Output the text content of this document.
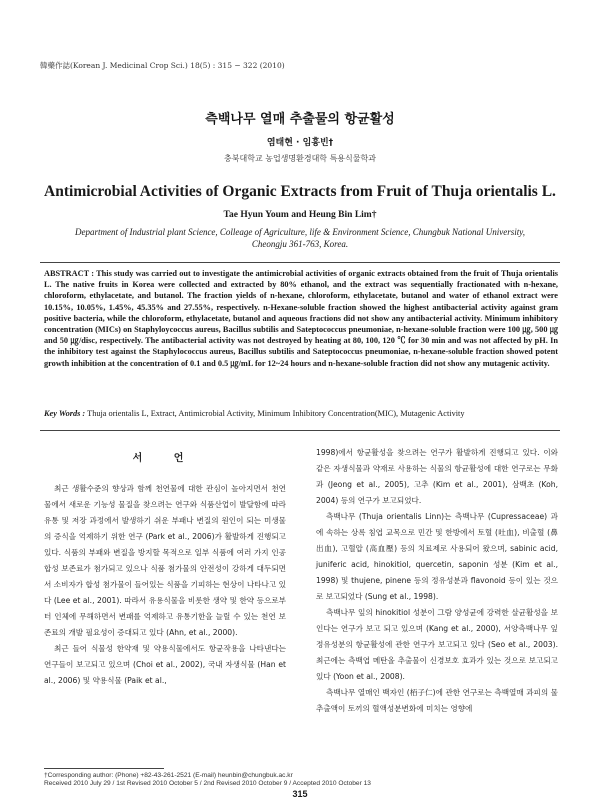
韓藥作誌(Korean J. Medicinal Crop Sci.) 18(5) : 315 − 322 (2010)
측백나무 열매 추출물의 항균활성
염태현 · 임흥빈†
충북대학교 농업생명환경대학 특용식물학과
Antimicrobial Activities of Organic Extracts from Fruit of Thuja orientalis L.
Tae Hyun Youm and Heung Bin Lim†
Department of Industrial plant Science, Colleage of Agriculture, life & Environment Science, Chungbuk National University, Cheongju 361-763, Korea.
ABSTRACT : This study was carried out to investigate the antimicrobial activities of organic extracts obtained from the fruit of Thuja orientalis L. The native fruits in Korea were collected and extracted by 80% ethanol, and the extract was sequentially fractionated with n-hexane, chloroform, ethylacetate, and butanol. The fraction yields of n-hexane, chloroform, ethylacetate, butanol and water of ethanol extract were 10.15%, 10.05%, 1.45%, 45.35% and 27.55%, respectively. n-Hexane-soluble fraction showed the highest antibacterial activity against gram positive bacteria, while the chloroform, ethylacetate, butanol and aqueous fractions did not show any antibacterial activity. Minimum inhibitory concentration (MICs) on Staphyloycoccus aureus, Bacillus subtilis and Sateptococcus pneumoniae, n-hexane-soluble fraction were 100 ㎍, 500 ㎍ and 50 ㎍/disc, respectively. The antibacterial activity was not destroyed by heating at 80, 100, 120 ℃ for 30 min and was not affected by pH. In the inhibitory test against the Staphylococcus aureus, Bacillus subtilis and Sateptococcus pneumoniae, n-hexane-soluble fraction showed potent growth inhibition at the concentration of 0.1 and 0.5 ㎍/mL for 12~24 hours and n-hexane-soluble fraction did not show any mutagenic activity.
Key Words : Thuja orientalis L, Extract, Antimicrobial Activity, Minimum Inhibitory Concentration(MIC), Mutagenic Activity
서 언

최근 생활수준의 향상과 함께 천연물에 대한 관심이 높아지면서 천연물에서 새로운 기능성 물질을 찾으려는 연구와 식품산업이 발달함에 따라 유통 및 저장 과정에서 발생하기 쉬운 부패나 변질의 원인이 되는 미생물의 증식을 억제하기 위한 연구 (Park et al., 2006)가 활발하게 진행되고 있다. 식품의 부패와 변질을 방지할 목적으로 일부 식품에 여러 가지 인공합성 보존료가 첨가되고 있으나 식품 첨가물의 안전성이 강하게 대두되면서 소비자가 합성 첨가물이 들어있는 식품을 기피하는 현상이 나타나고 있다 (Lee et al., 2001). 따라서 유용식물을 비롯한 생약 및 한약 등으로부터 인체에 무해하면서 변패를 억제하고 유통기한을 늘릴 수 있는 천연 보존료의 개발 필요성이 증대되고 있다 (Ahn, et al., 2000).

최근 들어 식물성 한약재 및 약용식물에서도 항균작용을 나타낸다는 연구들이 보고되고 있으며 (Choi et al., 2002), 국내 자생식물 (Han et al., 2006) 및 약용식물 (Paik et al.,

1998)에서 항균활성을 찾으려는 연구가 활발하게 진행되고 있다. 이와 같은 자생식물과 약재로 사용하는 식물의 항균활성에 대한 연구로는 무화과 (Jeong et al., 2005), 고추 (Kim et al., 2001), 삼백초 (Koh, 2004) 등의 연구가 보고되었다.

측백나무 (Thuja orientalis Linn)는 측백나무 (Cupressaceae) 과에 속하는 상록 침엽 교목으로 민간 및 한방에서 토혈 (吐血), 비출혈 (鼻出血), 고혈압 (高血壓) 등의 치료제로 사용되어 왔으며, sabinic acid, juniferic acid, hinokitiol, quercetin, saponin 성분 (Kim et al., 1998) 및 thujene, pinene 등의 정유성분과 flavonoid 등이 있는 것으로 보고되었다 (Sung et al., 1998).

측백나무 잎의 hinokitiol 성분이 그람 양성균에 강력한 살균활성을 보인다는 연구가 보고 되고 있으며 (Kang et al., 2000), 서양측백나무 잎 정유성분의 항균활성에 관한 연구가 보고되고 있다 (Seo et al., 2003). 최근에는 측백엽 메탄올 추출물이 신경보호 효과가 있는 것으로 보고되고 있다 (Yoon et al., 2008).

측백나무 열매인 백자인 (栢子仁)에 관한 연구로는 측백열매 과피의 물추출액이 토끼의 혈액성분변화에 미치는 영향에

†Corresponding author: (Phone) +82-43-261-2521 (E-mail) heunbin@chungbuk.ac.kr
Received 2010 July 29 / 1st Revised 2010 October 5 / 2nd Revised 2010 October 9 / Accepted 2010 October 13
315
